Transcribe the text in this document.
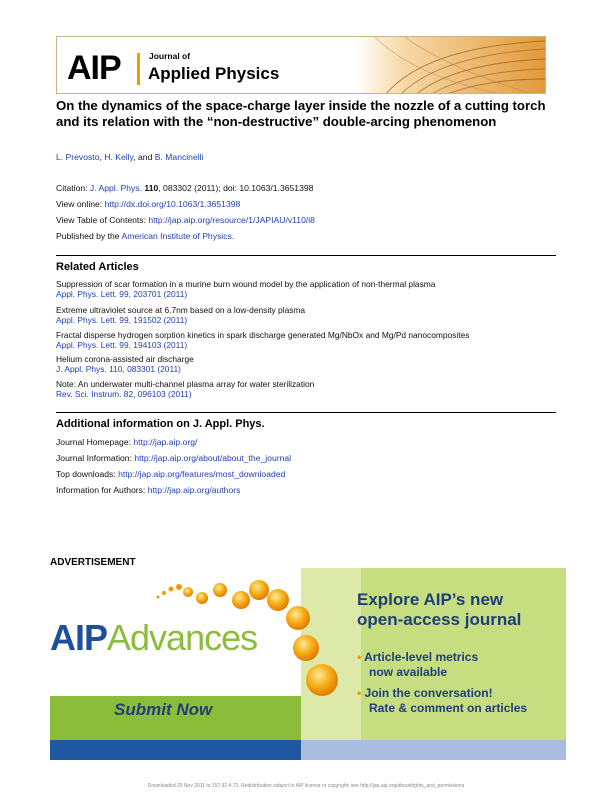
AIP	Journal of
Applied Physics
On the dynamics of the space-charge layer inside the nozzle of a cutting torch and its relation with the “non-destructive” double-arcing phenomenon
L. Prevosto, H. Kelly, and B. Mancinelli
Citation: J. Appl. Phys. 110, 083302 (2011); doi: 10.1063/1.3651398
View online: http://dx.doi.org/10.1063/1.3651398
View Table of Contents: http://jap.aip.org/resource/1/JAPIAU/v110/i8
Published by the American Institute of Physics.
Related Articles
Suppression of scar formation in a murine burn wound model by the application of non-thermal plasma
Appl. Phys. Lett. 99, 203701 (2011)
Extreme ultraviolet source at 6.7nm based on a low-density plasma
Appl. Phys. Lett. 99, 191502 (2011)
Fractal disperse hydrogen sorption kinetics in spark discharge generated Mg/NbOx and Mg/Pd nanocomposites
Appl. Phys. Lett. 99, 194103 (2011)
Helium corona-assisted air discharge
J. Appl. Phys. 110, 083301 (2011)
Note: An underwater multi-channel plasma array for water sterilization
Rev. Sci. Instrum. 82, 096103 (2011)
Additional information on J. Appl. Phys.
Journal Homepage: http://jap.aip.org/
Journal Information: http://jap.aip.org/about/about_the_journal
Top downloads: http://jap.aip.org/features/most_downloaded
Information for Authors: http://jap.aip.org/authors
ADVERTISEMENT
AIPAdvances
Submit Now
Explore AIP’s new
open-access journal
• Article-level metrics
now available
• Join the conversation!
Rate & comment on articles
Downloaded 29 Nov 2011 to 157.92.4.72. Redistribution subject to AIP license or copyright; see http://jap.aip.org/about/rights_and_permissions
